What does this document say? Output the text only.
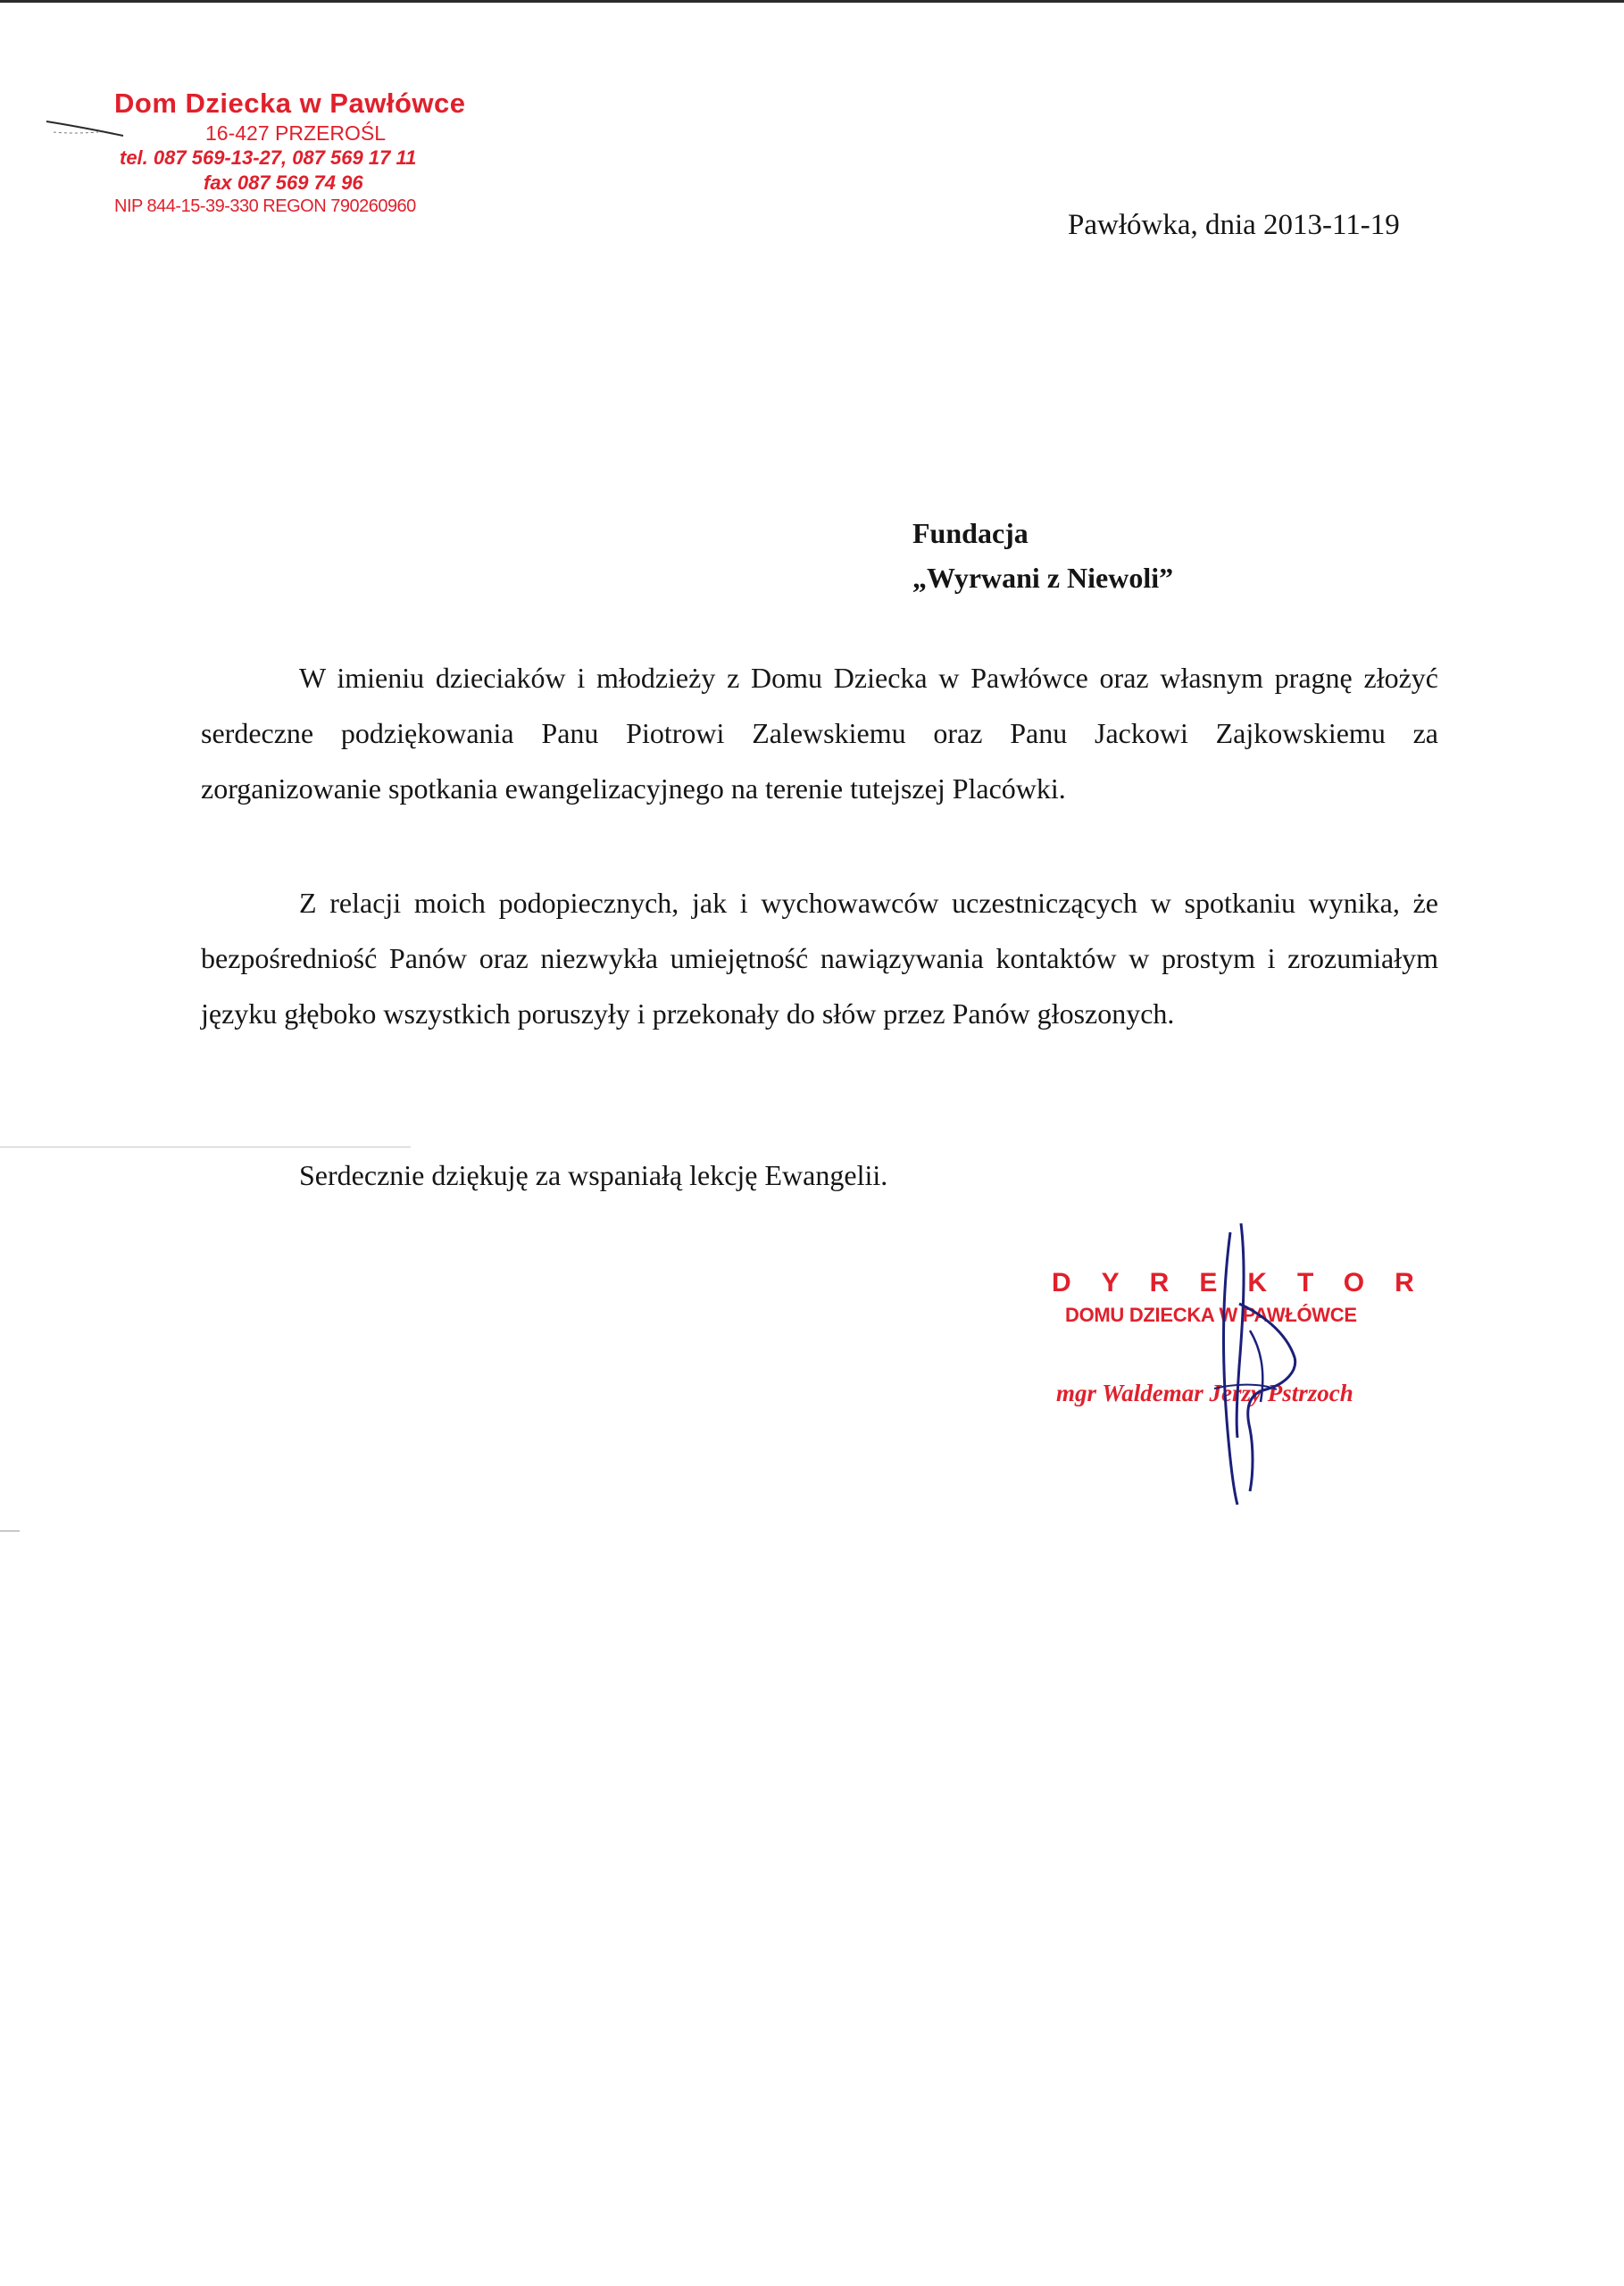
Dom Dziecka w Pawłówce
16-427 PRZEROŚL
tel. 087 569-13-27, 087 569 17 11
fax 087 569 74 96
NIP 844-15-39-330 REGON 790260960
Pawłówka, dnia 2013-11-19
Fundacja
„Wyrwani z Niewoli”

W imieniu dzieciaków i młodzieży z Domu Dziecka w Pawłówce oraz własnym pragnę złożyć serdeczne podziękowania Panu Piotrowi Zalewskiemu oraz Panu Jackowi Zajkowskiemu za zorganizowanie spotkania ewangelizacyjnego na terenie tutejszej Placówki.

Z relacji moich podopiecznych, jak i wychowawców uczestniczących w spotkaniu wynika, że bezpośredniość Panów oraz niezwykła umiejętność nawiązywania kontaktów w prostym i zrozumiałym języku głęboko wszystkich poruszyły i przekonały do słów przez Panów głoszonych.

Serdecznie dziękuję za wspaniałą lekcję Ewangelii.
DYREKTOR
DOMU DZIECKA W PAWŁÓWCE
mgr Waldemar Jerzy Pstrzoch
